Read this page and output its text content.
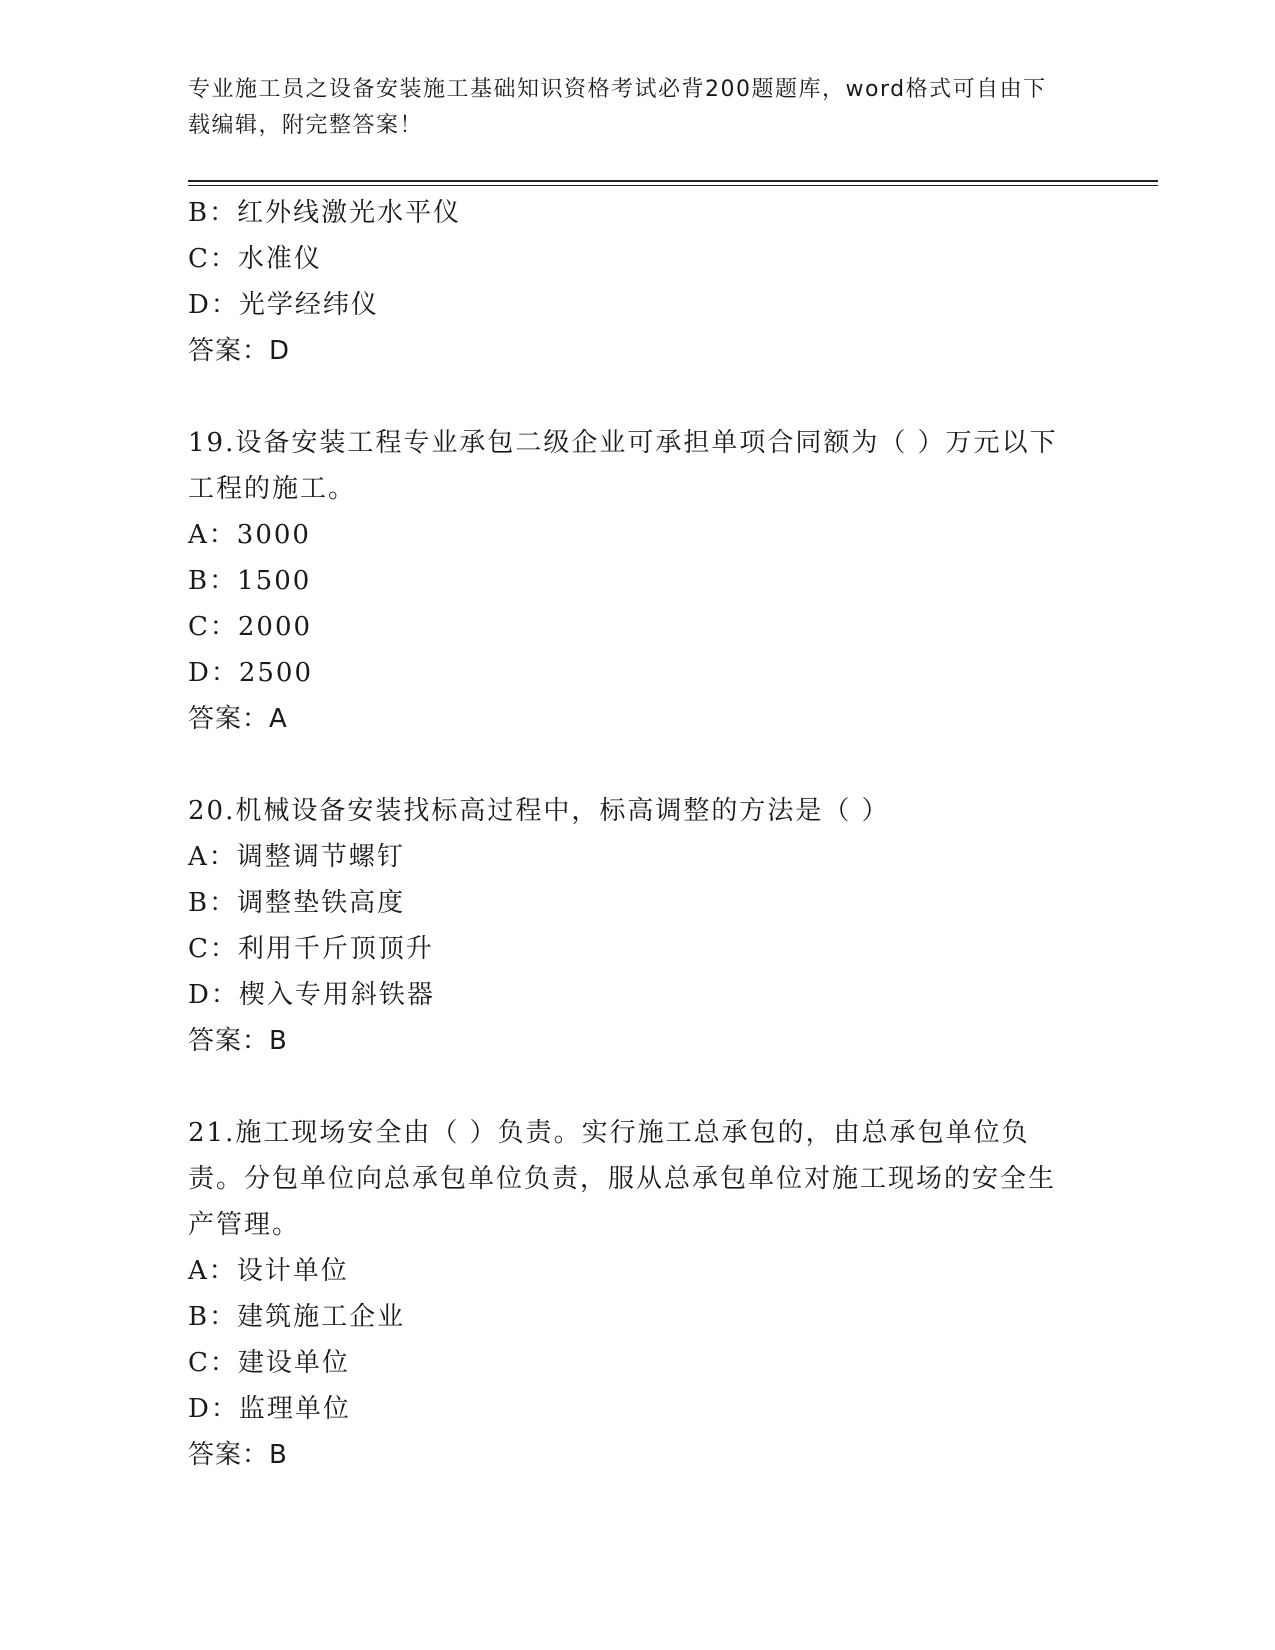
专业施工员之设备安装施工基础知识资格考试必背200题题库，word格式可自由下载编辑，附完整答案！
B：红外线激光水平仪
C：水准仪
D：光学经纬仪
答案：D
19.设备安装工程专业承包二级企业可承担单项合同额为（ ）万元以下工程的施工。
A：3000
B：1500
C：2000
D：2500
答案：A
20.机械设备安装找标高过程中，标高调整的方法是（ ）
A：调整调节螺钉
B：调整垫铁高度
C：利用千斤顶顶升
D：楔入专用斜铁器
答案：B
21.施工现场安全由（ ）负责。实行施工总承包的，由总承包单位负责。分包单位向总承包单位负责，服从总承包单位对施工现场的安全生产管理。
A：设计单位
B：建筑施工企业
C：建设单位
D：监理单位
答案：B
